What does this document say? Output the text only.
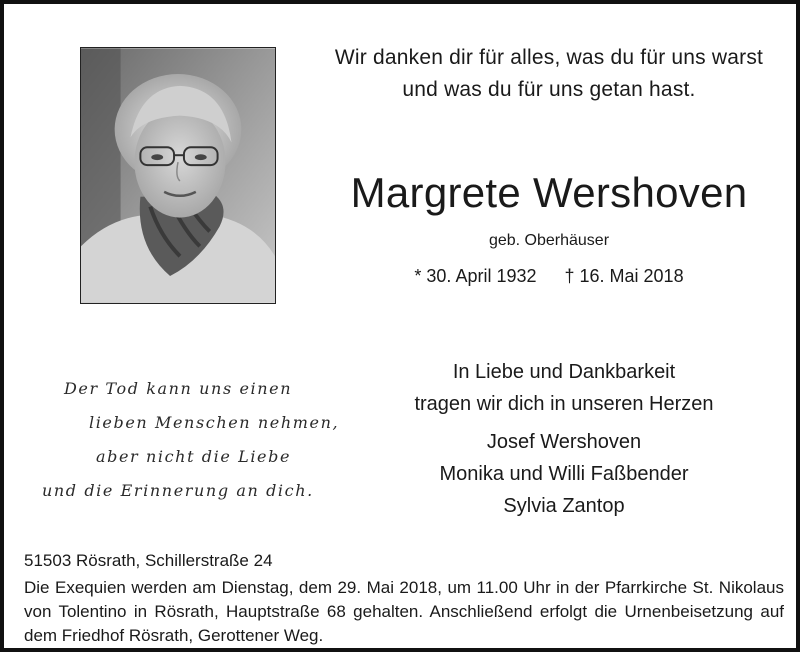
Wir danken dir für alles, was du für uns warst
und was du für uns getan hast.
Margrete Wershoven
geb. Oberhäuser
* 30. April 1932 † 16. Mai 2018
Der Tod kann uns einen
lieben Menschen nehmen,
aber nicht die Liebe
und die Erinnerung an dich.
In Liebe und Dankbarkeit
tragen wir dich in unseren Herzen
Josef Wershoven
Monika und Willi Faßbender
Sylvia Zantop
51503 Rösrath, Schillerstraße 24
Die Exequien werden am Dienstag, dem 29. Mai 2018, um 11.00 Uhr in der Pfarrkirche St. Nikolaus von Tolentino in Rösrath, Hauptstraße 68 gehalten. Anschließend erfolgt die Urnenbeisetzung auf dem Friedhof Rösrath, Gerottener Weg.
